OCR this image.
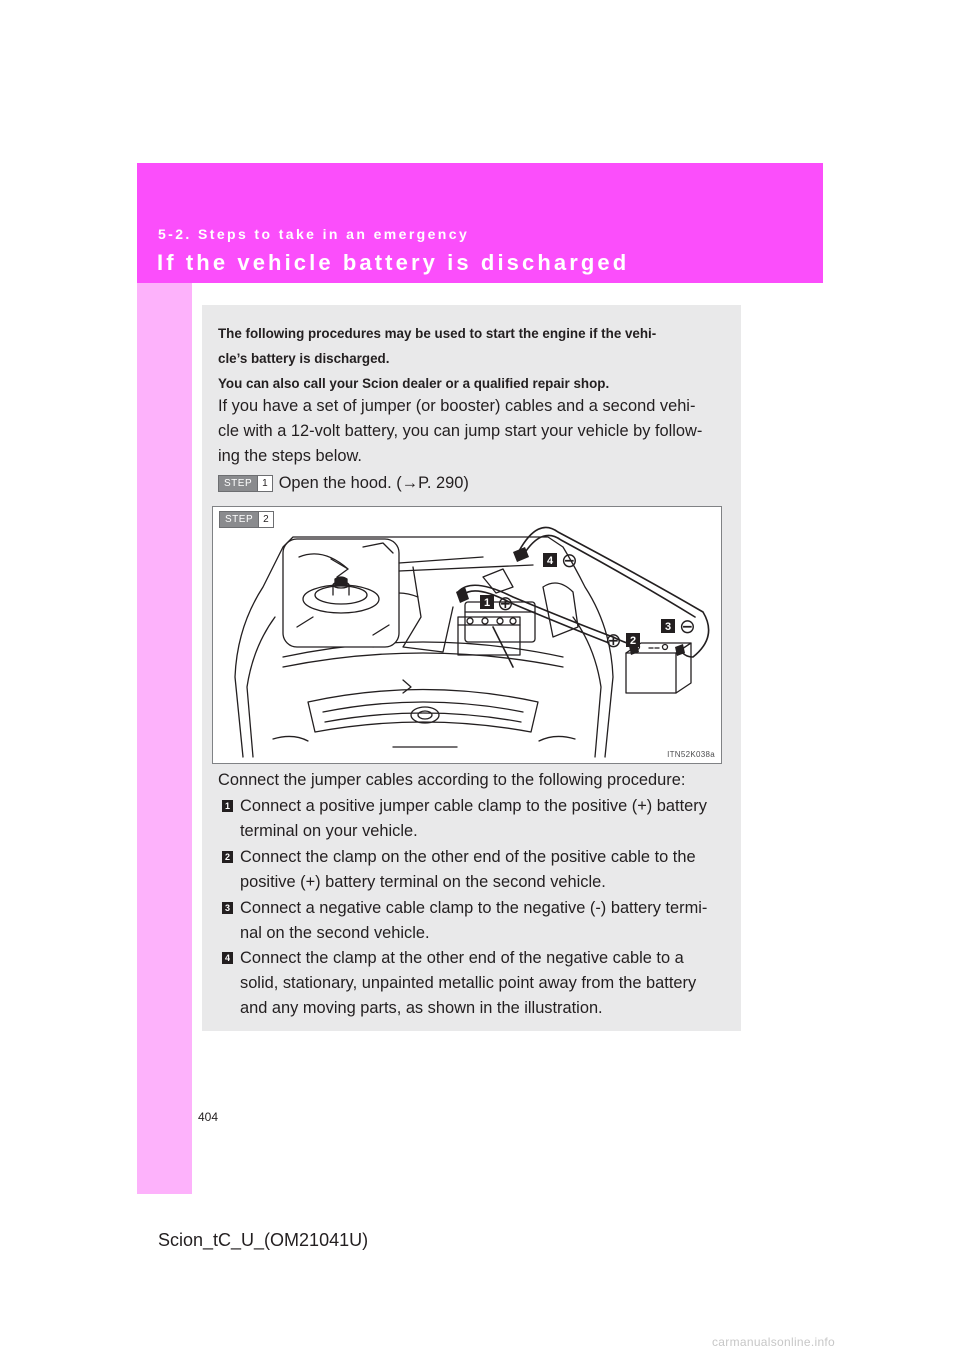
5-2. Steps to take in an emergency
If the vehicle battery is discharged
The following procedures may be used to start the engine if the vehi-
cle’s battery is discharged.
You can also call your Scion dealer or a qualified repair shop.
If you have a set of jumper (or booster) cables and a second vehi-
cle with a 12-volt battery, you can jump start your vehicle by follow-
ing the steps below.
STEP	1 Open the hood. (→P. 290)
4 ⊖
1 ⊕
⊕ 2
3 ⊖
STEP	2
ITN52K038a
Connect the jumper cables according to the following procedure:
1 Connect a positive jumper cable clamp to the positive (+) battery
terminal on your vehicle.
2 Connect the clamp on the other end of the positive cable to the
positive (+) battery terminal on the second vehicle.
3 Connect a negative cable clamp to the negative (-) battery termi-
nal on the second vehicle.
4 Connect the clamp at the other end of the negative cable to a
solid, stationary, unpainted metallic point away from the battery
and any moving parts, as shown in the illustration.
404
Scion_tC_U_(OM21041U)
carmanualsonline.info
